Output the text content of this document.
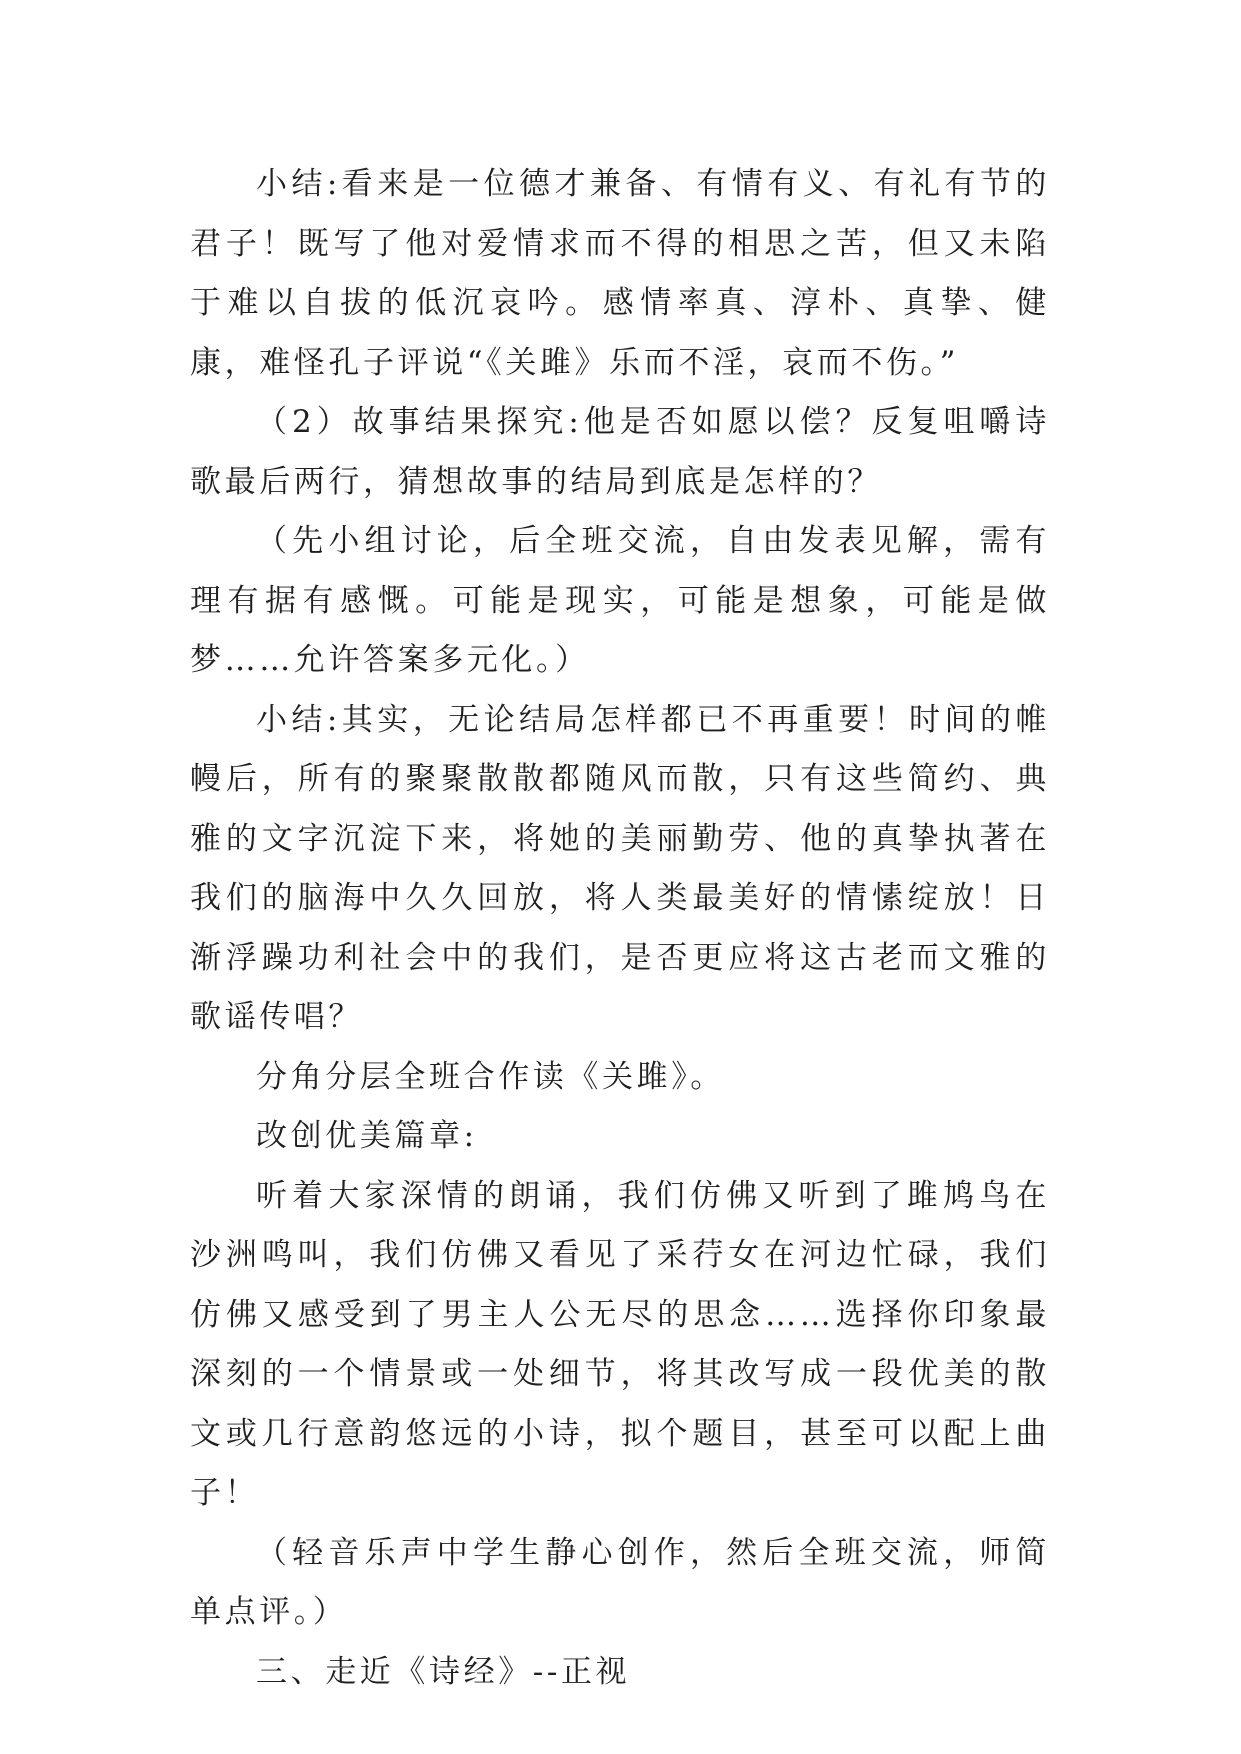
小结:看来是一位德才兼备、有情有义、有礼有节的君子！既写了他对爱情求而不得的相思之苦，但又未陷于难以自拔的低沉哀吟。感情率真、淳朴、真挚、健康，难怪孔子评说“《关雎》乐而不淫，哀而不伤。”

（2）故事结果探究:他是否如愿以偿？反复咀嚼诗歌最后两行，猜想故事的结局到底是怎样的？

（先小组讨论，后全班交流，自由发表见解，需有理有据有感慨。可能是现实，可能是想象，可能是做梦……允许答案多元化。）

小结:其实，无论结局怎样都已不再重要！时间的帷幔后，所有的聚聚散散都随风而散，只有这些简约、典雅的文字沉淀下来，将她的美丽勤劳、他的真挚执著在我们的脑海中久久回放，将人类最美好的情愫绽放！日渐浮躁功利社会中的我们，是否更应将这古老而文雅的歌谣传唱？

分角分层全班合作读《关雎》。

改创优美篇章:

听着大家深情的朗诵，我们仿佛又听到了雎鸠鸟在沙洲鸣叫，我们仿佛又看见了采荇女在河边忙碌，我们仿佛又感受到了男主人公无尽的思念……选择你印象最深刻的一个情景或一处细节，将其改写成一段优美的散文或几行意韵悠远的小诗，拟个题目，甚至可以配上曲子！

（轻音乐声中学生静心创作，然后全班交流，师简单点评。）

三、走近《诗经》--正视
